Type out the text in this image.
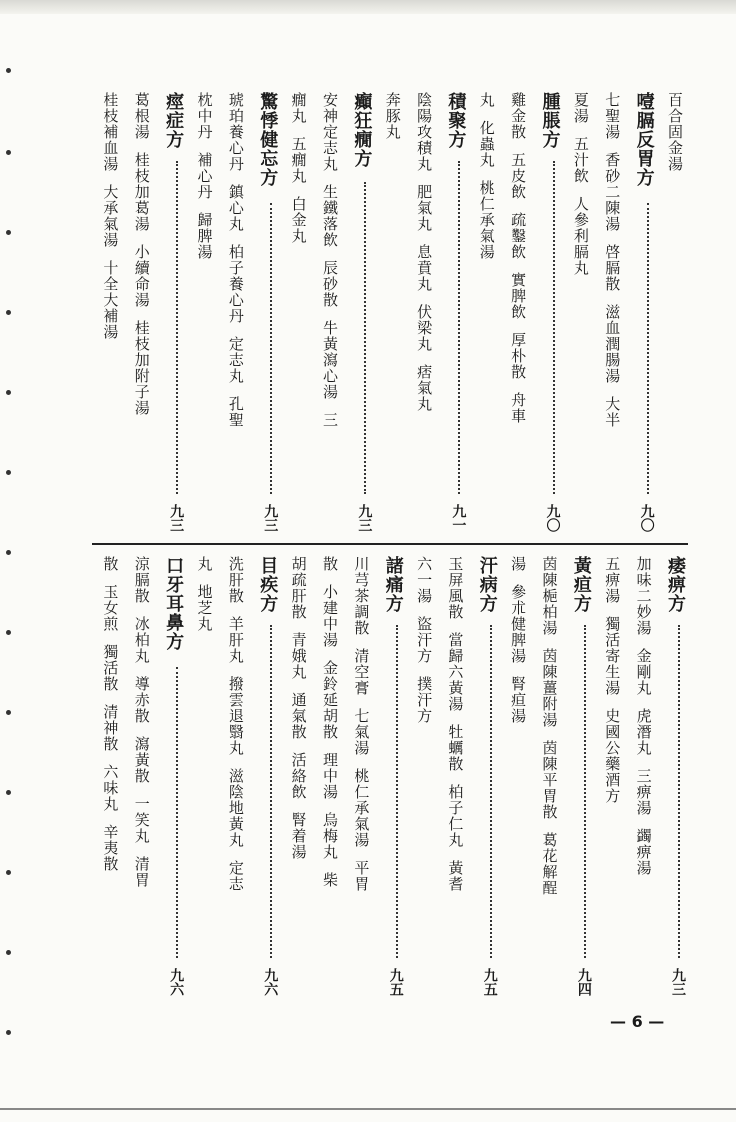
百合固金湯
噎膈反胃方
九〇
七聖湯香砂二陳湯啓膈散滋血潤腸湯大半
夏湯五汁飲人參利膈丸
腫脹方
九〇
雞金散五皮飲疏鑿飲實脾飲厚朴散舟車
丸化蟲丸桃仁承氣湯
積聚方
九一
陰陽攻積丸肥氣丸息賁丸伏梁丸痞氣丸
奔豚丸
癲狂癇方
九三
安神定志丸生鐵落飲辰砂散牛黃瀉心湯三
癇丸五癇丸白金丸
驚悸健忘方
九三
琥珀養心丹鎮心丸柏子養心丹定志丸孔聖
枕中丹補心丹歸脾湯
痙症方
九三
葛根湯桂枝加葛湯小續命湯桂枝加附子湯
桂枝補血湯大承氣湯十全大補湯
痿痹方
九三
加味二妙湯金剛丸虎潛丸三痹湯蠲痹湯
五痹湯獨活寄生湯史國公藥酒方
黃疸方
九四
茵陳梔柏湯茵陳薑附湯茵陳平胃散葛花解酲
湯參朮健脾湯腎疸湯
汗病方
九五
玉屏風散當歸六黃湯牡蠣散柏子仁丸黃耆
六一湯盜汗方撲汗方
諸痛方
九五
川芎茶調散清空膏七氣湯桃仁承氣湯平胃
散小建中湯金鈴延胡散理中湯烏梅丸柴
胡疏肝散青娥丸通氣散活絡飲腎着湯
目疾方
九六
洗肝散羊肝丸撥雲退翳丸滋陰地黃丸定志
丸地芝丸
口牙耳鼻方
九六
涼膈散冰柏丸導赤散瀉黃散一笑丸清胃
散玉女煎獨活散清神散六味丸辛夷散
— 6 —
